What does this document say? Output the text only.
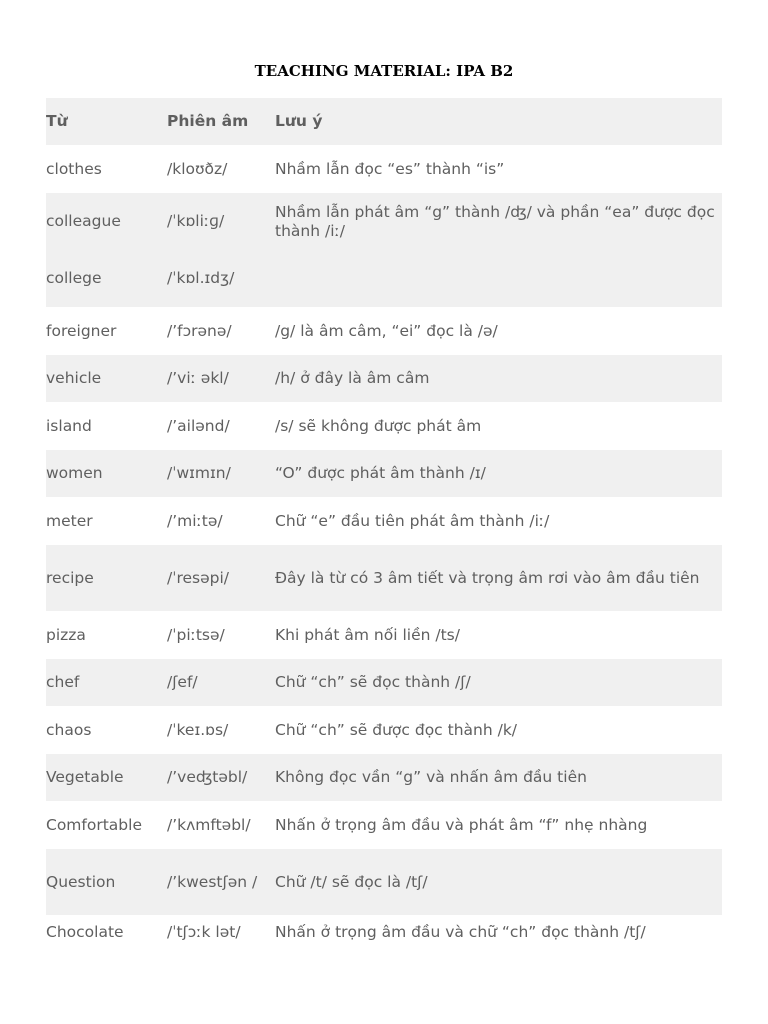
TEACHING MATERIAL: IPA B2
Từ	Phiên âm	Lưu ý
clothes	/kloʊðz/	Nhầm lẫn đọc “es” thành “is”
colleague	/ˈkɒliːɡ/	Nhầm lẫn phát âm “g” thành /ʤ/ và phần “ea” được đọc thành /iː/
college	/ˈkɒl.ɪdʒ/	
foreigner	/’fɔrənə/	/g/ là âm câm, “ei” đọc là /ə/
vehicle	/’viː əkl/	/h/ ở đây là âm câm
island	/’ailənd/	/s/ sẽ không được phát âm
women	/ˈwɪmɪn/	“O” được phát âm thành /ɪ/
meter	/’miːtə/	Chữ “e” đầu tiên phát âm thành /iː/
recipe	/ˈresəpi/	Đây là từ có 3 âm tiết và trọng âm rơi vào âm đầu tiên
pizza	/ˈpiːtsə/	Khi phát âm nối liền /ts/
chef	/ʃef/	Chữ “ch” sẽ đọc thành /ʃ/
chaos	/ˈkeɪ.ɒs/	Chữ “ch” sẽ được đọc thành /k/
Vegetable	/’veʤtəbl/	Không đọc vần “g” và nhấn âm đầu tiên
Comfortable	/’kʌmftəbl/	Nhấn ở trọng âm đầu và phát âm “f” nhẹ nhàng
Question	/’kwestʃən /	Chữ /t/ sẽ đọc là /tʃ/
Chocolate	/ˈtʃɔːk lət/	Nhấn ở trọng âm đầu và chữ “ch” đọc thành /tʃ/
